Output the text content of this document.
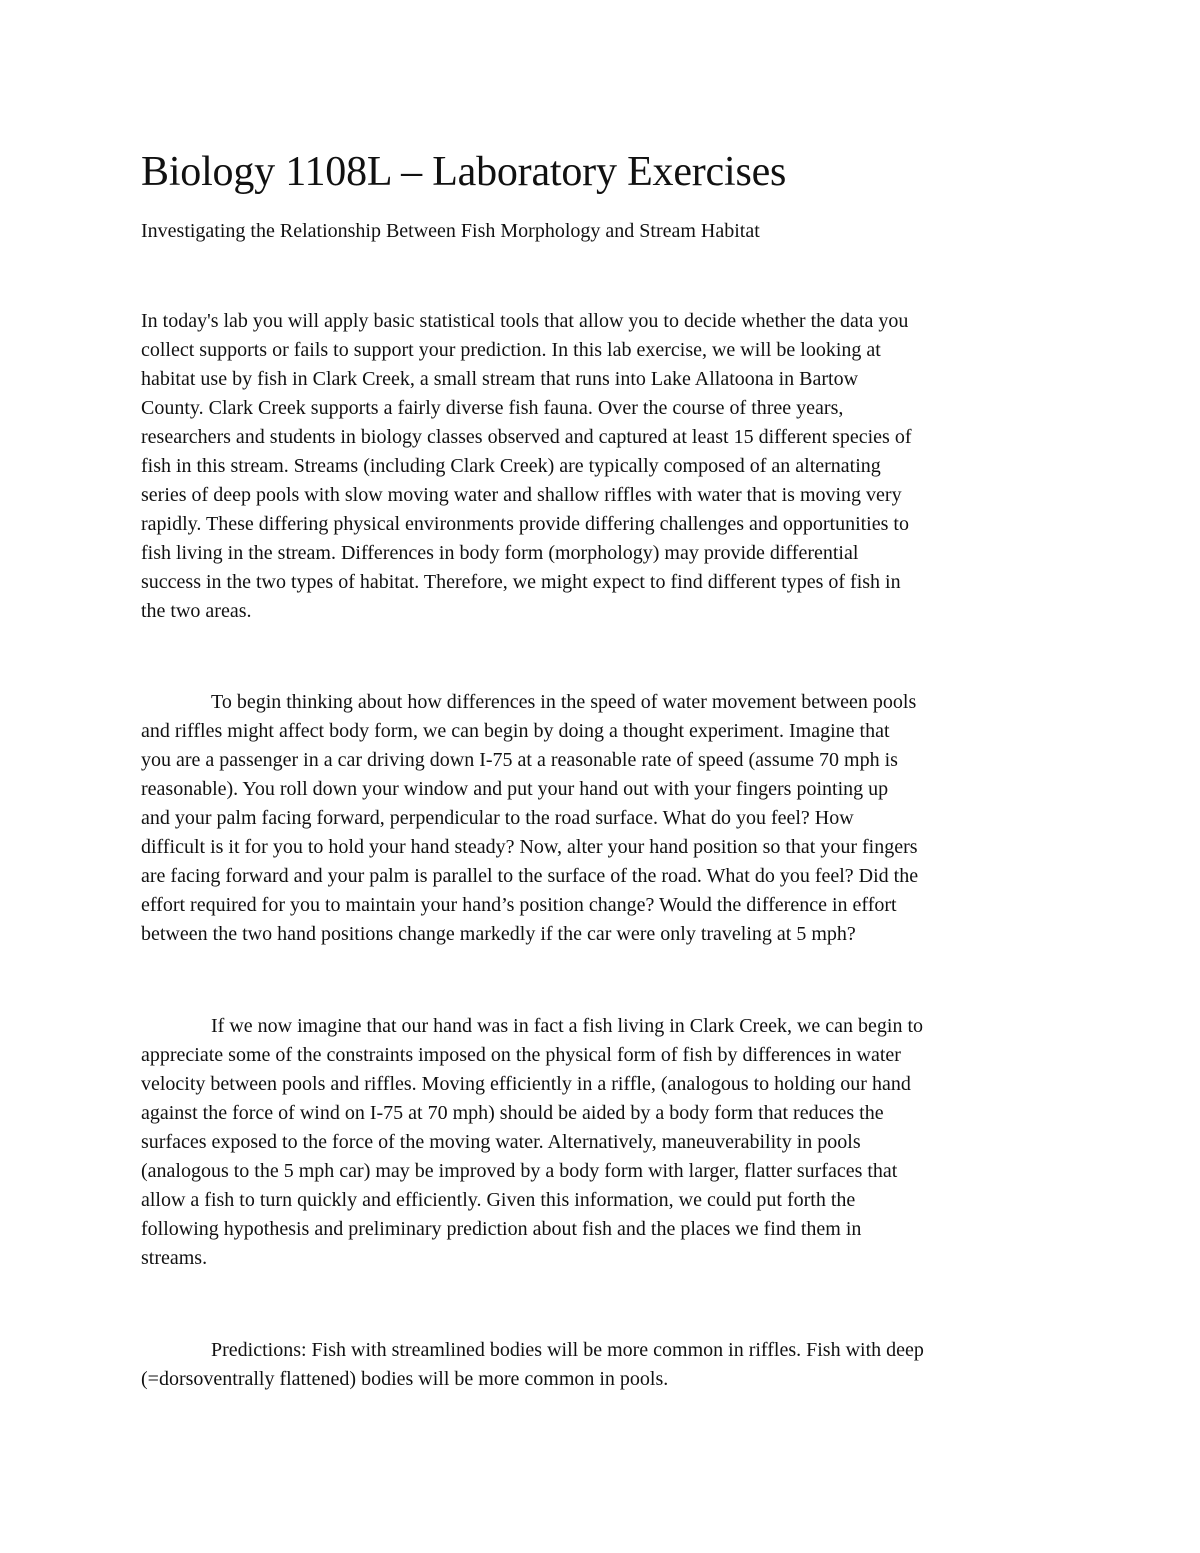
Biology 1108L – Laboratory Exercises

Investigating the Relationship Between Fish Morphology and Stream Habitat

In today's lab you will apply basic statistical tools that allow you to decide whether the data you
collect supports or fails to support your prediction. In this lab exercise, we will be looking at
habitat use by fish in Clark Creek, a small stream that runs into Lake Allatoona in Bartow
County. Clark Creek supports a fairly diverse fish fauna. Over the course of three years,
researchers and students in biology classes observed and captured at least 15 different species of
fish in this stream. Streams (including Clark Creek) are typically composed of an alternating
series of deep pools with slow moving water and shallow riffles with water that is moving very
rapidly. These differing physical environments provide differing challenges and opportunities to
fish living in the stream. Differences in body form (morphology) may provide differential
success in the two types of habitat. Therefore, we might expect to find different types of fish in
the two areas.

To begin thinking about how differences in the speed of water movement between pools
and riffles might affect body form, we can begin by doing a thought experiment. Imagine that
you are a passenger in a car driving down I-75 at a reasonable rate of speed (assume 70 mph is
reasonable). You roll down your window and put your hand out with your fingers pointing up
and your palm facing forward, perpendicular to the road surface. What do you feel? How
difficult is it for you to hold your hand steady? Now, alter your hand position so that your fingers
are facing forward and your palm is parallel to the surface of the road. What do you feel? Did the
effort required for you to maintain your hand’s position change? Would the difference in effort
between the two hand positions change markedly if the car were only traveling at 5 mph?

If we now imagine that our hand was in fact a fish living in Clark Creek, we can begin to
appreciate some of the constraints imposed on the physical form of fish by differences in water
velocity between pools and riffles. Moving efficiently in a riffle, (analogous to holding our hand
against the force of wind on I-75 at 70 mph) should be aided by a body form that reduces the
surfaces exposed to the force of the moving water. Alternatively, maneuverability in pools
(analogous to the 5 mph car) may be improved by a body form with larger, flatter surfaces that
allow a fish to turn quickly and efficiently. Given this information, we could put forth the
following hypothesis and preliminary prediction about fish and the places we find them in
streams.

Predictions: Fish with streamlined bodies will be more common in riffles. Fish with deep
(=dorsoventrally flattened) bodies will be more common in pools.
